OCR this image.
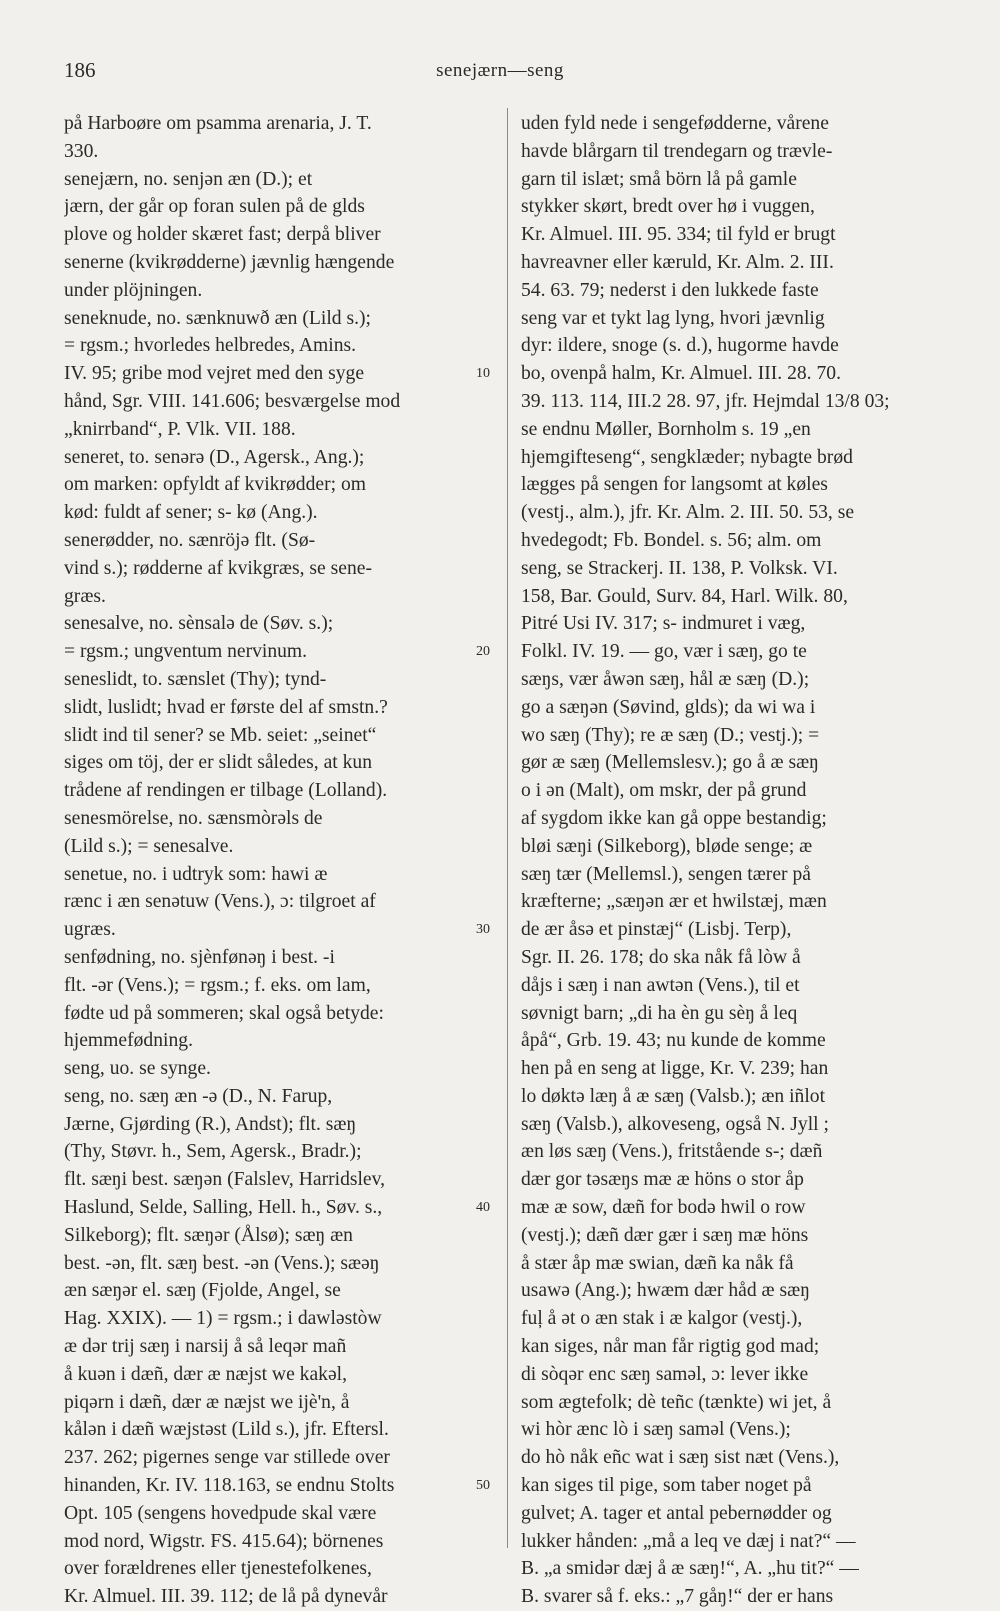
186	senejærn—seng
på Harboøre om psamma arenaria, J. T.
330.
senejærn, no. senjən æn (D.); et
jærn, der går op foran sulen på de glds
plove og holder skæret fast; derpå bliver
senerne (kvikrødderne) jævnlig hængende
under plöjningen.
seneknude, no. sænknuwð æn (Lild s.);
= rgsm.; hvorledes helbredes, Amins.
IV. 95; gribe mod vejret med den syge
hånd, Sgr. VIII. 141.606; besværgelse mod
„knirrband“, P. Vlk. VII. 188.
seneret, to. senərə (D., Agersk., Ang.);
om marken: opfyldt af kvikrødder; om
kød: fuldt af sener; s- kø (Ang.).
senerødder, no. sænröjə flt. (Sø-
vind s.); rødderne af kvikgræs, se sene-
græs.
senesalve, no. sènsalə de (Søv. s.);
= rgsm.; ungventum nervinum.
seneslidt, to. sænslet (Thy); tynd-
slidt, luslidt; hvad er første del af smstn.?
slidt ind til sener? se Mb. seiet: „seinet“
siges om töj, der er slidt således, at kun
trådene af rendingen er tilbage (Lolland).
senesmörelse, no. sænsmòrəls de
(Lild s.); = senesalve.
senetue, no. i udtryk som: hawi æ
rænc i æn senətuw (Vens.), ɔ: tilgroet af
ugræs.
senfødning, no. sjènfønəŋ i best. -i
flt. -ər (Vens.); = rgsm.; f. eks. om lam,
fødte ud på sommeren; skal også betyde:
hjemmefødning.
seng, uo. se synge.
seng, no. sæŋ æn -ə (D., N. Farup,
Jærne, Gjørding (R.), Andst); flt. sæŋ
(Thy, Støvr. h., Sem, Agersk., Bradr.);
flt. sæŋi best. sæŋən (Falslev, Harridslev,
Haslund, Selde, Salling, Hell. h., Søv. s.,
Silkeborg); flt. sæŋər (Ålsø); sæŋ æn
best. -ən, flt. sæŋ best. -ən (Vens.); sæəŋ
æn sæŋər el. sæŋ (Fjolde, Angel, se
Hag. XXIX). — 1) = rgsm.; i dawləstòw
æ dər trij sæŋ i narsij å så leqər mañ
å kuən i dæñ, dær æ næjst we kakəl,
piqərn i dæñ, dær æ næjst we ijè'n, å
kålən i dæñ wæjstəst (Lild s.), jfr. Eftersl.
237. 262; pigernes senge var stillede over
hinanden, Kr. IV. 118.163, se endnu Stolts
Opt. 105 (sengens hovedpude skal være
mod nord, Wigstr. FS. 415.64); börnenes
over forældrenes eller tjenestefolkenes,
Kr. Almuel. III. 39. 112; de lå på dynevår
10
20
30
40
50
uden fyld nede i sengefødderne, vårene
havde blårgarn til trendegarn og trævle-
garn til islæt; små börn lå på gamle
stykker skørt, bredt over hø i vuggen,
Kr. Almuel. III. 95. 334; til fyld er brugt
havreavner eller kæruld, Kr. Alm. 2. III.
54. 63. 79; nederst i den lukkede faste
seng var et tykt lag lyng, hvori jævnlig
dyr: ildere, snoge (s. d.), hugorme havde
bo, ovenpå halm, Kr. Almuel. III. 28. 70.
39. 113. 114, III.2 28. 97, jfr. Hejmdal 13/8 03;
se endnu Møller, Bornholm s. 19 „en
hjemgifteseng“, sengklæder; nybagte brød
lægges på sengen for langsomt at køles
(vestj., alm.), jfr. Kr. Alm. 2. III. 50. 53, se
hvedegodt; Fb. Bondel. s. 56; alm. om
seng, se Strackerj. II. 138, P. Volksk. VI.
158, Bar. Gould, Surv. 84, Harl. Wilk. 80,
Pitré Usi IV. 317; s- indmuret i væg,
Folkl. IV. 19. — go, vær i sæŋ, go te
sæŋs, vær åwən sæŋ, hål æ sæŋ (D.);
go a sæŋən (Søvind, glds); da wi wa i
wo sæŋ (Thy); re æ sæŋ (D.; vestj.); =
gør æ sæŋ (Mellemslesv.); go å æ sæŋ
o i ən (Malt), om mskr, der på grund
af sygdom ikke kan gå oppe bestandig;
bløi sæŋi (Silkeborg), bløde senge; æ
sæŋ tær (Mellemsl.), sengen tærer på
kræfterne; „sæŋən ær et hwilstæj, mæn
de ær åsə et pinstæj“ (Lisbj. Terp),
Sgr. II. 26. 178; do ska nåk få lòw å
dåjs i sæŋ i nan awtən (Vens.), til et
søvnigt barn; „di ha èn gu sèŋ å leq
åpå“, Grb. 19. 43; nu kunde de komme
hen på en seng at ligge, Kr. V. 239; han
lo døktə læŋ å æ sæŋ (Valsb.); æn iñlot
sæŋ (Valsb.), alkoveseng, også N. Jyll ;
æn løs sæŋ (Vens.), fritstående s-; dæñ
dær gor təsæŋs mæ æ höns o stor åp
mæ æ sow, dæñ for bodə hwil o row
(vestj.); dæñ dær gær i sæŋ mæ höns
å stær åp mæ swian, dæñ ka nåk få
usawə (Ang.); hwæm dær håd æ sæŋ
fuļ å ət o æn stak i æ kalgor (vestj.),
kan siges, når man får rigtig god mad;
di sòqər enc sæŋ saməl, ɔ: lever ikke
som ægtefolk; dè teñc (tænkte) wi jet, å
wi hòr ænc lò i sæŋ saməl (Vens.);
do hò nåk eñc wat i sæŋ sist næt (Vens.),
kan siges til pige, som taber noget på
gulvet; A. tager et antal pebernødder og
lukker hånden: „må a leq ve dæj i nat?“ —
B. „a smidər dæj å æ sæŋ!“, A. „hu tit?“ —
B. svarer så f. eks.: „7 gåŋ!“ der er hans
